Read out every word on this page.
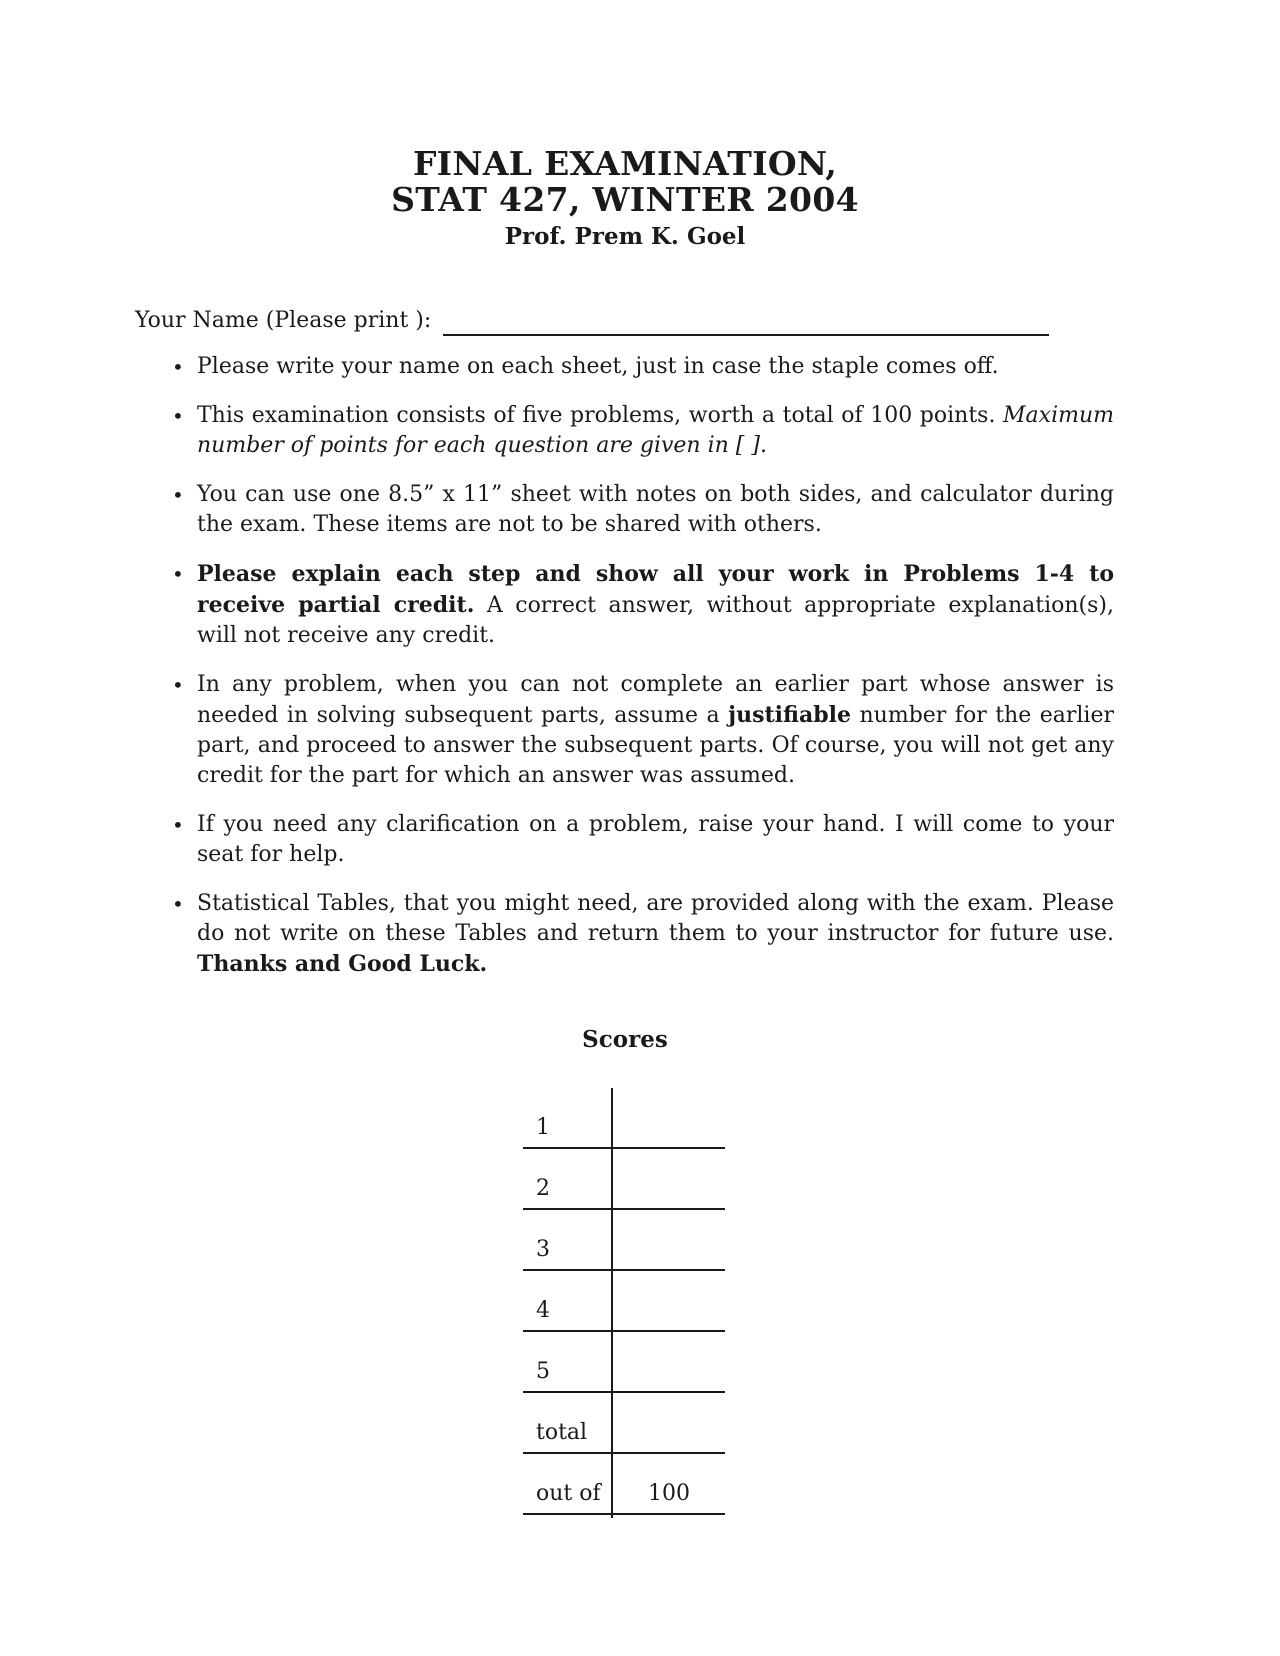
FINAL EXAMINATION,
STAT 427, WINTER 2004
Prof. Prem K. Goel
Your Name (Please print ):
• Please write your name on each sheet, just in case the staple comes off.
• This examination consists of five problems, worth a total of 100 points. Maximum number of points for each question are given in [ ].
• You can use one 8.5” x 11” sheet with notes on both sides, and calculator during the exam. These items are not to be shared with others.
• Please explain each step and show all your work in Problems 1-4 to receive partial credit. A correct answer, without appropriate explanation(s), will not receive any credit.
• In any problem, when you can not complete an earlier part whose answer is needed in solving subsequent parts, assume a justifiable number for the earlier part, and proceed to answer the subsequent parts. Of course, you will not get any credit for the part for which an answer was assumed.
• If you need any clarification on a problem, raise your hand. I will come to your seat for help.
• Statistical Tables, that you might need, are provided along with the exam. Please do not write on these Tables and return them to your instructor for future use. Thanks and Good Luck.
Scores
1
2
3
4
5
total
out of 100
